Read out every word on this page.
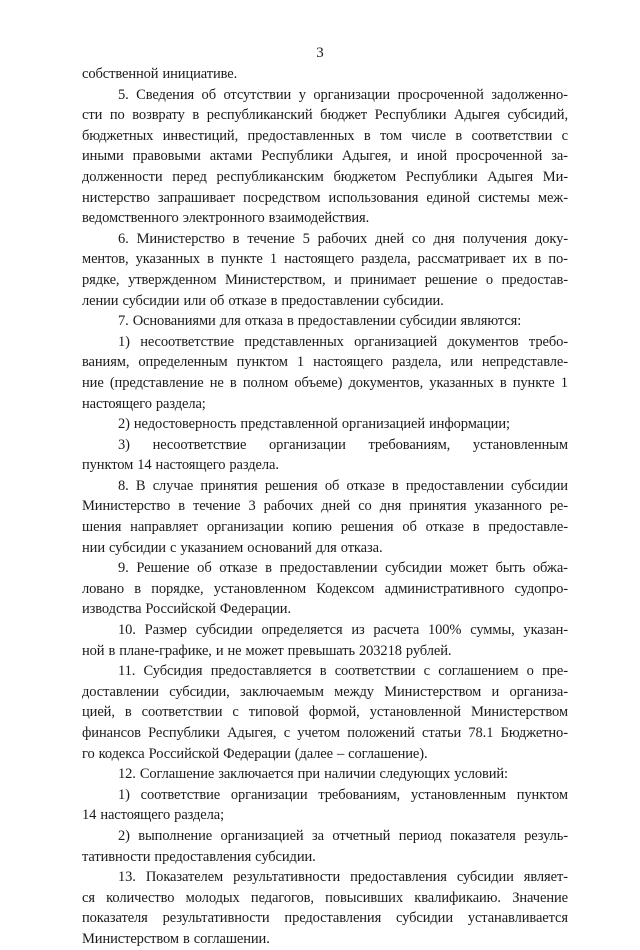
3
собственной инициативе.
5. Сведения об отсутствии у организации просроченной задолженно-
сти по возврату в республиканский бюджет Республики Адыгея субсидий,
бюджетных инвестиций, предоставленных в том числе в соответствии с
иными правовыми актами Республики Адыгея, и иной просроченной за-
долженности перед республиканским бюджетом Республики Адыгея Ми-
нистерство запрашивает посредством использования единой системы меж-
ведомственного электронного взаимодействия.
6. Министерство в течение 5 рабочих дней со дня получения доку-
ментов, указанных в пункте 1 настоящего раздела, рассматривает их в по-
рядке, утвержденном Министерством, и принимает решение о предостав-
лении субсидии или об отказе в предоставлении субсидии.
7. Основаниями для отказа в предоставлении субсидии являются:
1) несоответствие представленных организацией документов требо-
ваниям, определенным пунктом 1 настоящего раздела, или непредставле-
ние (представление не в полном объеме) документов, указанных в пункте 1
настоящего раздела;
2) недостоверность представленной организацией информации;
3) несоответствие организации требованиям, установленным
пунктом 14 настоящего раздела.
8. В случае принятия решения об отказе в предоставлении субсидии
Министерство в течение 3 рабочих дней со дня принятия указанного ре-
шения направляет организации копию решения об отказе в предоставле-
нии субсидии с указанием оснований для отказа.
9. Решение об отказе в предоставлении субсидии может быть обжа-
ловано в порядке, установленном Кодексом административного судопро-
изводства Российской Федерации.
10. Размер субсидии определяется из расчета 100% суммы, указан-
ной в плане-графике, и не может превышать 203218 рублей.
11. Субсидия предоставляется в соответствии с соглашением о пре-
доставлении субсидии, заключаемым между Министерством и организа-
цией, в соответствии с типовой формой, установленной Министерством
финансов Республики Адыгея, с учетом положений статьи 78.1 Бюджетно-
го кодекса Российской Федерации (далее – соглашение).
12. Соглашение заключается при наличии следующих условий:
1) соответствие организации требованиям, установленным пунктом
14 настоящего раздела;
2) выполнение организацией за отчетный период показателя резуль-
тативности предоставления субсидии.
13. Показателем результативности предоставления субсидии являет-
ся количество молодых педагогов, повысивших квалификаию. Значение
показателя результативности предоставления субсидии устанавливается
Министерством в соглашении.
